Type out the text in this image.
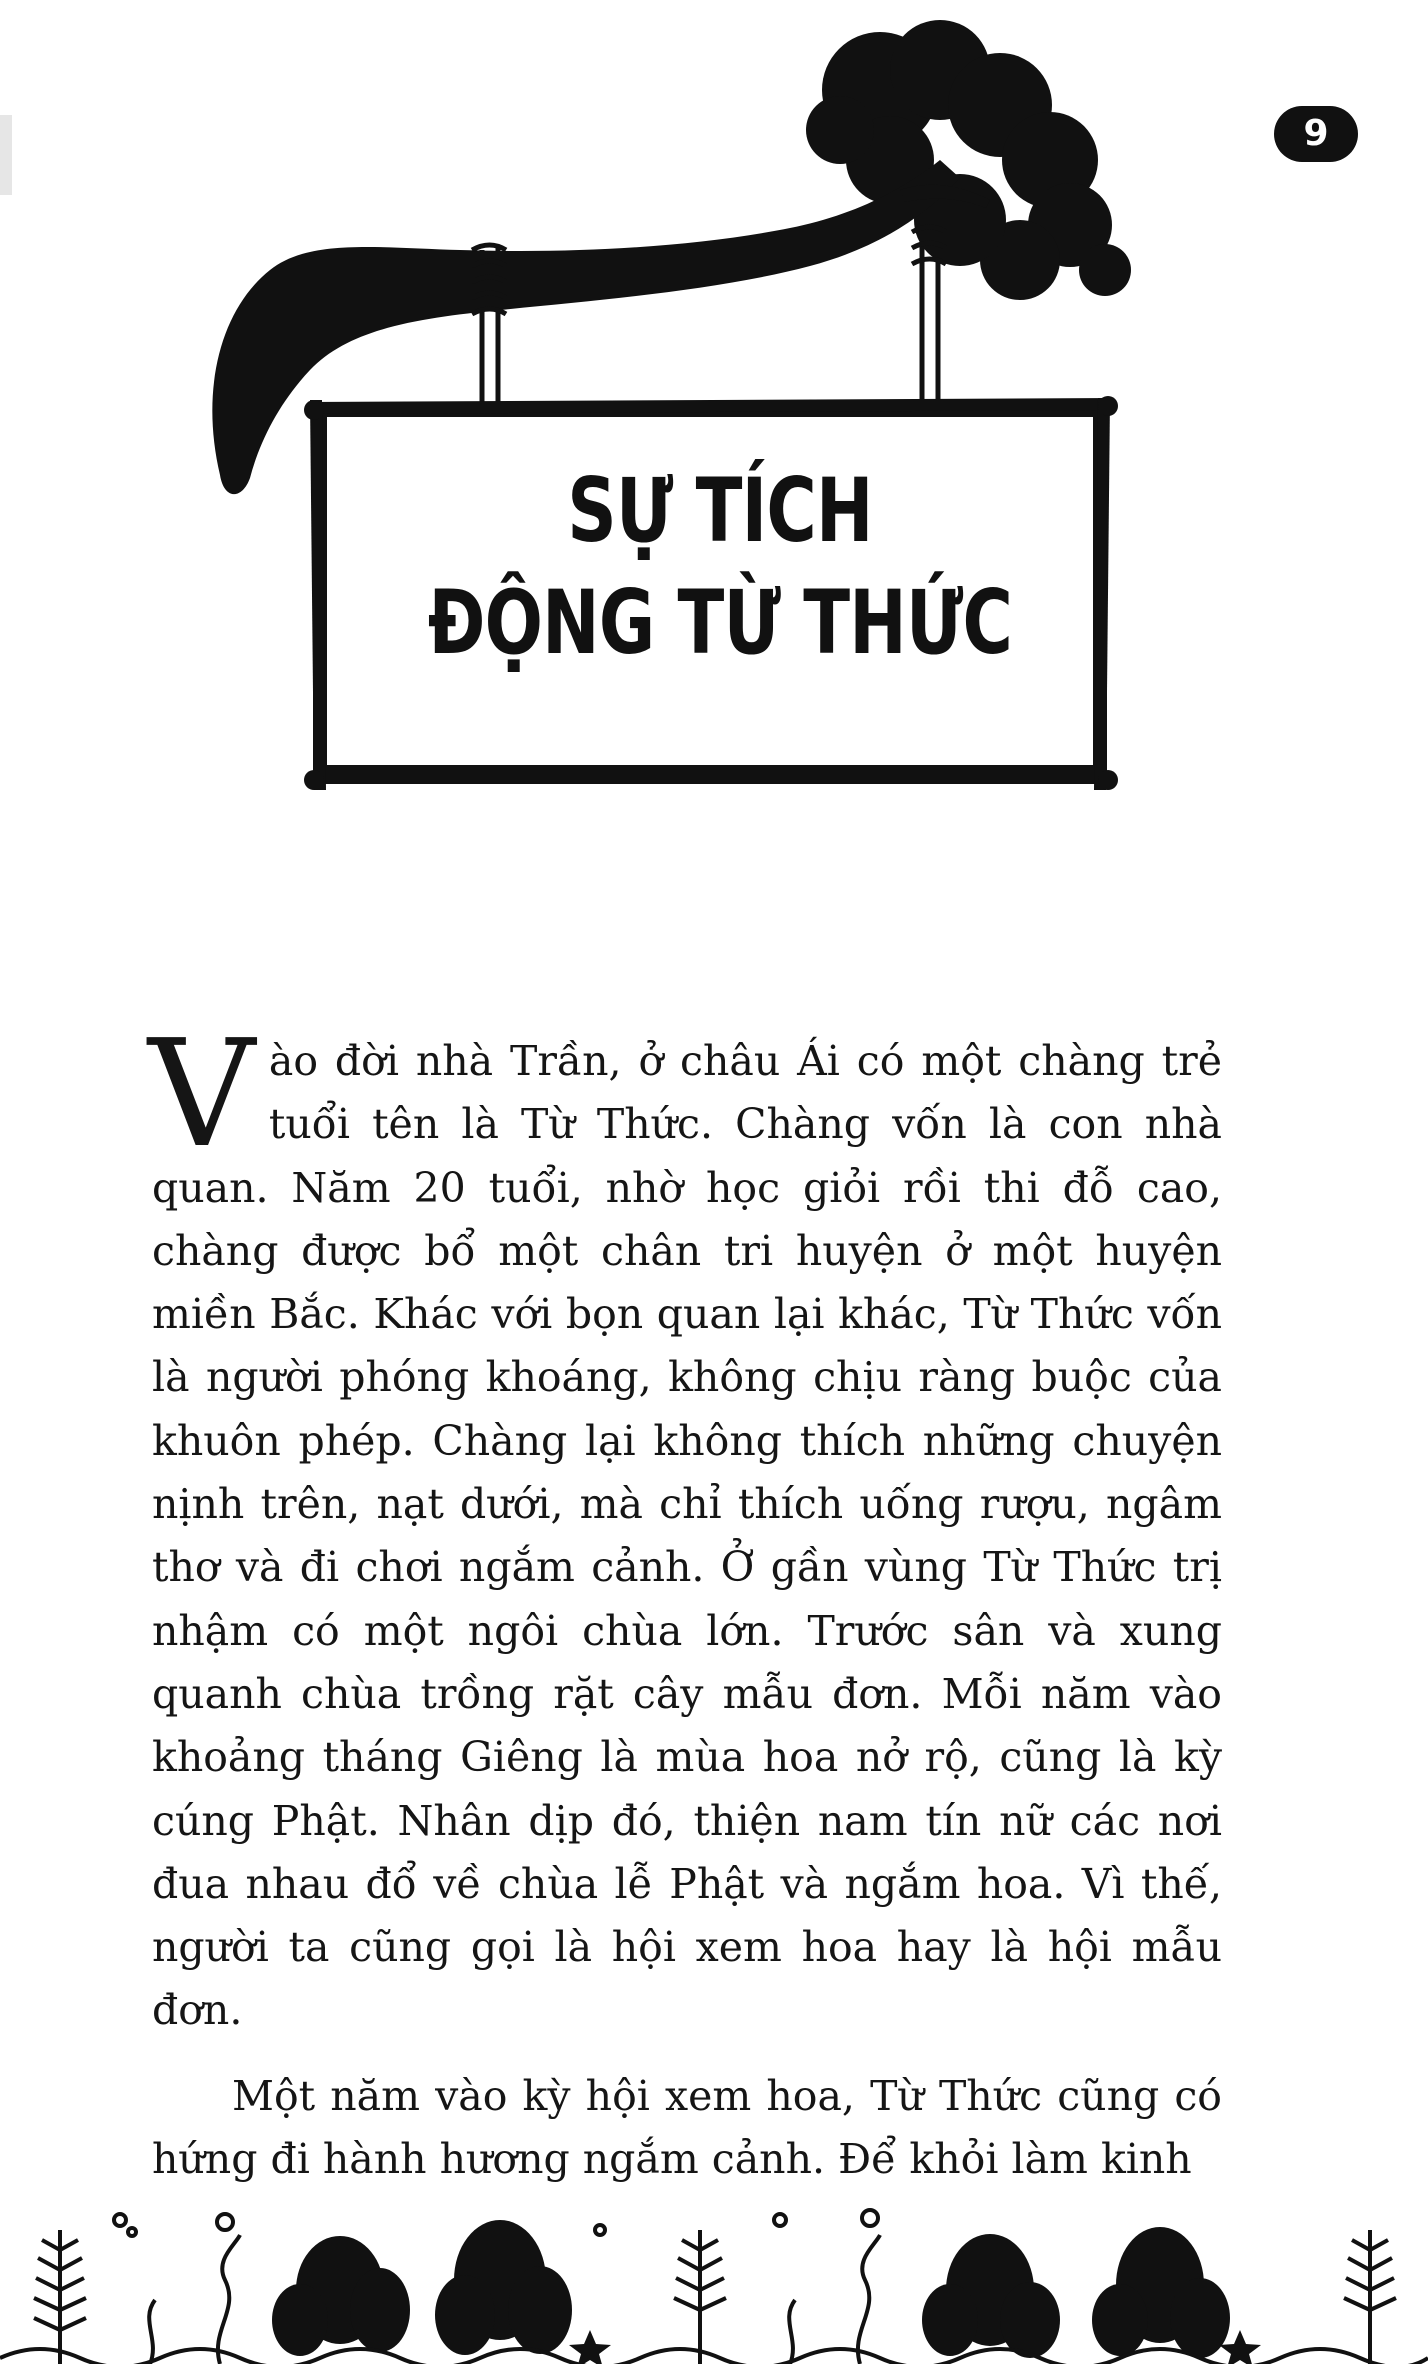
9
SỰ TÍCH
ĐỘNG TỪ THỨC

Vào đời nhà Trần, ở châu Ái có một chàng trẻ tuổi tên là Từ Thức. Chàng vốn là con nhà quan. Năm 20 tuổi, nhờ học giỏi rồi thi đỗ cao, chàng được bổ một chân tri huyện ở một huyện miền Bắc. Khác với bọn quan lại khác, Từ Thức vốn là người phóng khoáng, không chịu ràng buộc của khuôn phép. Chàng lại không thích những chuyện nịnh trên, nạt dưới, mà chỉ thích uống rượu, ngâm thơ và đi chơi ngắm cảnh. Ở gần vùng Từ Thức trị nhậm có một ngôi chùa lớn. Trước sân và xung quanh chùa trồng rặt cây mẫu đơn. Mỗi năm vào khoảng tháng Giêng là mùa hoa nở rộ, cũng là kỳ cúng Phật. Nhân dịp đó, thiện nam tín nữ các nơi đua nhau đổ về chùa lễ Phật và ngắm hoa. Vì thế, người ta cũng gọi là hội xem hoa hay là hội mẫu đơn.

Một năm vào kỳ hội xem hoa, Từ Thức cũng có hứng đi hành hương ngắm cảnh. Để khỏi làm kinh
